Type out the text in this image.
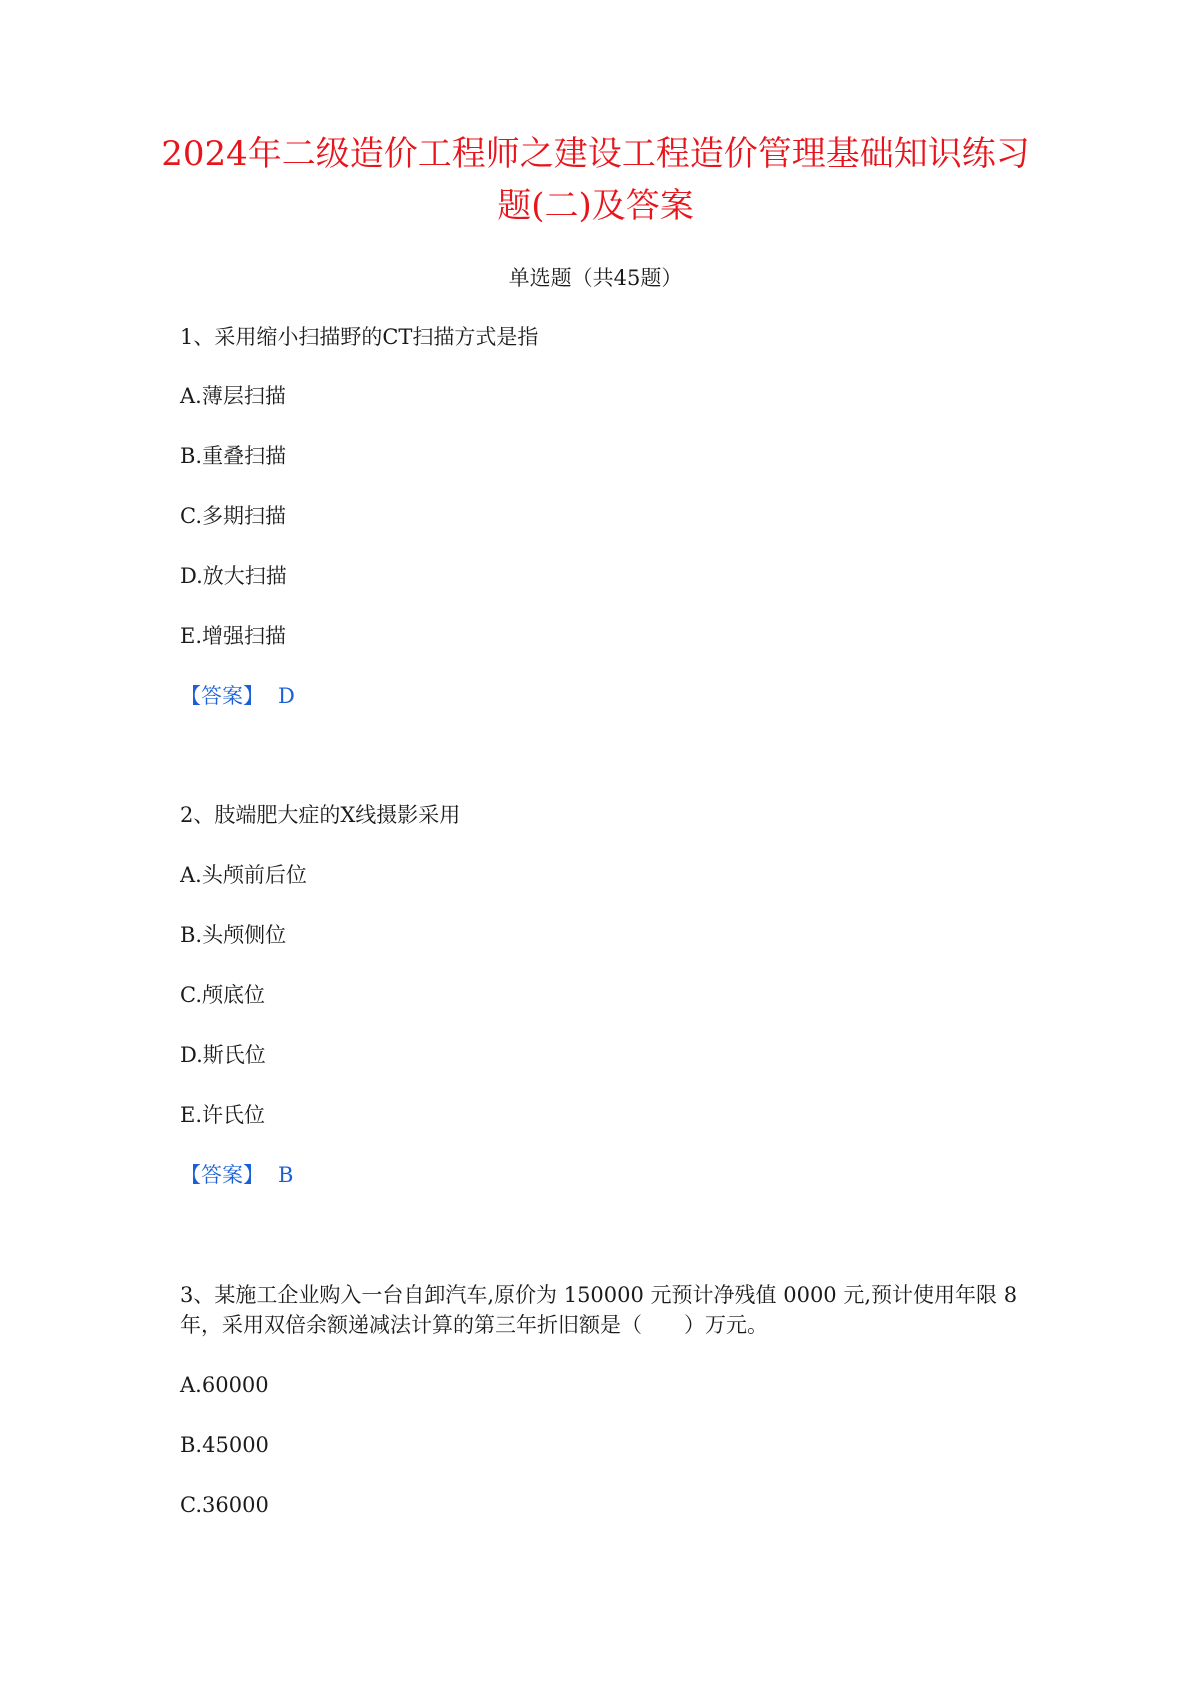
2024年二级造价工程师之建设工程造价管理基础知识练习题(二)及答案
单选题（共45题）
1、采用缩小扫描野的CT扫描方式是指
A.薄层扫描
B.重叠扫描
C.多期扫描
D.放大扫描
E.增强扫描
【答案】 D
2、肢端肥大症的X线摄影采用
A.头颅前后位
B.头颅侧位
C.颅底位
D.斯氏位
E.许氏位
【答案】 B
3、某施工企业购入一台自卸汽车,原价为 150000 元预计净残值 0000 元,预计使用年限 8 年，采用双倍余额递减法计算的第三年折旧额是（　　）万元。
A.60000
B.45000
C.36000
